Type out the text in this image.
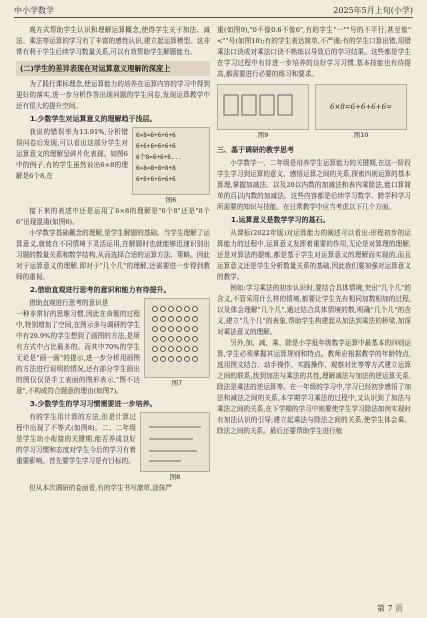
中小学数学	2025年5月上旬(小学)

观方式帮助学生认识和理解运算概念,使得学生关于加法、减法、乘法等运算的学习有了丰富的感性认识,建立起运算模型。这非常有利于学生后续学习数量关系,可以有效帮助学生解题能力。

(二)学生的差异表现在对运算意义理解的深度上

为了践行课标理念,使运算能力的培养在运算内容的学习中得到更好的落实,进一步分析作答出现问题的学生问卷,发现运算教学中还有很大的提升空间。

1.少数学生对运算意义的理解趋于浅层。

我说的错误率为13.91%,分析错误问卷后发现,可以看出这部分学生对运算意义的理解呈碎片化表现。如图6中的例子,有的学生虽然说出6×8的理解是6个8,在

6×8=6+6+6+6
6+6+6+6+6+6
6个8=6+6+6...
6×8=8+8+8+8
6+6+6+6+6+6
图6

接下来的表述中还是运用了6×8的理解是"6个8"还是"8个6"出现混淆(如图6)。

小学数学基础概念的理解,是学生解题的基础。当学生理解了运算意义,就能在不同情境下灵活运用,在解题时也就能够迅速识别出习题的数量关系和数学结构,从而选择合适的运算方法、策略。因此对于运算意义的理解,即对于"几个几"的理解,还需要进一步得到教师的重视。

2.借助直观进行思考的意识和能力有待提升。

借助直观进行思考的意识是

一种非常好的思维习惯,因此在命题的过程中,特别增加了空间,在图示多与调研的学生中有29.9%的学生想到了画图的方法,是所有方式中占比最多的。而其中70%的学生无论是"画一画"的提示,进一步分析用画图的方法进行说明的情况,还有部分学生画出的图仅仅是手工表面的图形表示,"图不达意",不构成符合题意的理由(如图7)。

图7
3.少数学生的学习习惯需要进一步培养。

有的学生用计算的方法,但是计算过程中出现了不等式(如图8)。二、二年级是学生幼小衔接的关键期,能否养成良好的学习习惯和态度对学生今后的学习有着重要影响。首先要学生学习是有目标的。

图8

但从本次调研的卷面看,有的学生书写潦草,涂抹严

重(如图9),"0不像0.6不像6",有的学生"一""号的不平行,甚至像"<""号(如图10);有的学生表达简单,不严谨;有的学生口算出错,用错乘法口诀或对乘法口诀不熟练以导致后的学习结果。这些都是学生在学习过程中有待进一步培养的良好学习习惯,基本技能也有待提高,都需要进行必要的练习和要求。

图9
6×8=6+6+6+6=
图10
三、基于调研的教学思考

小学数学一、二年级是培养学生运算能力的关键期,在这一阶段学生学习到运算的意义、感悟运算之间的关系,探索四则运算的基本算理,掌握加减法、以及20以内数的加减法和表内乘除法,能口算简单的百以内数的加减法。这些内容都是后续学习数学、跨学科学习所需要的知识与技能。在日常教学中应当考虑以下几个方面。

1.运算意义是数学学习的基石。

从课标(2022年版)对运算能力的阐述可以看出:形程初步的运算能力的过程中,运算意义发挥着重要的作用,无论是对算理的理解,还是对算法的提炼,都是基于学生对运算意义的理解而实现的,而且运算意义还是学生分析数量关系的基础,因此我们要加强对运算意义的教学。

例如:学习乘法的初步认识时,要结合具体情境,突出"几个几"的含义,不管采用什么样的情境,都要让学生先有相同加数相加的过程,以及体会理解"几个几",通过结合具体情境的数,明确"几个几"的含义,建立"几个几"的表象,帮助学生构建起从加法到乘法的桥梁,加深对乘法意义的理解。

另外,加、减、乘、除是小学低年级数学运算中最基本的四则运算,学生必须掌握其运算规则和特点。教师应根据教学的年龄特点,选用图文结合、动手操作、实践操作、观察对比等等方式建立运算之间的联系,找到加法与乘法的共性,理解减法与加法的逆运算关系,除法是乘法的逆运算等。在一年级的学习中,学习已经初步感悟了加法和减法之间的关系,本学期学习乘法的过程中,又认识到了加法与乘法之间的关系,在下学期的学习中则要使学生学习除法如何实现时有加法认识的引导,建立起乘法与除法之间的关系,使学生体会乘、除法之间的关系。最后还要帮助学生进行梳

第 7 页
